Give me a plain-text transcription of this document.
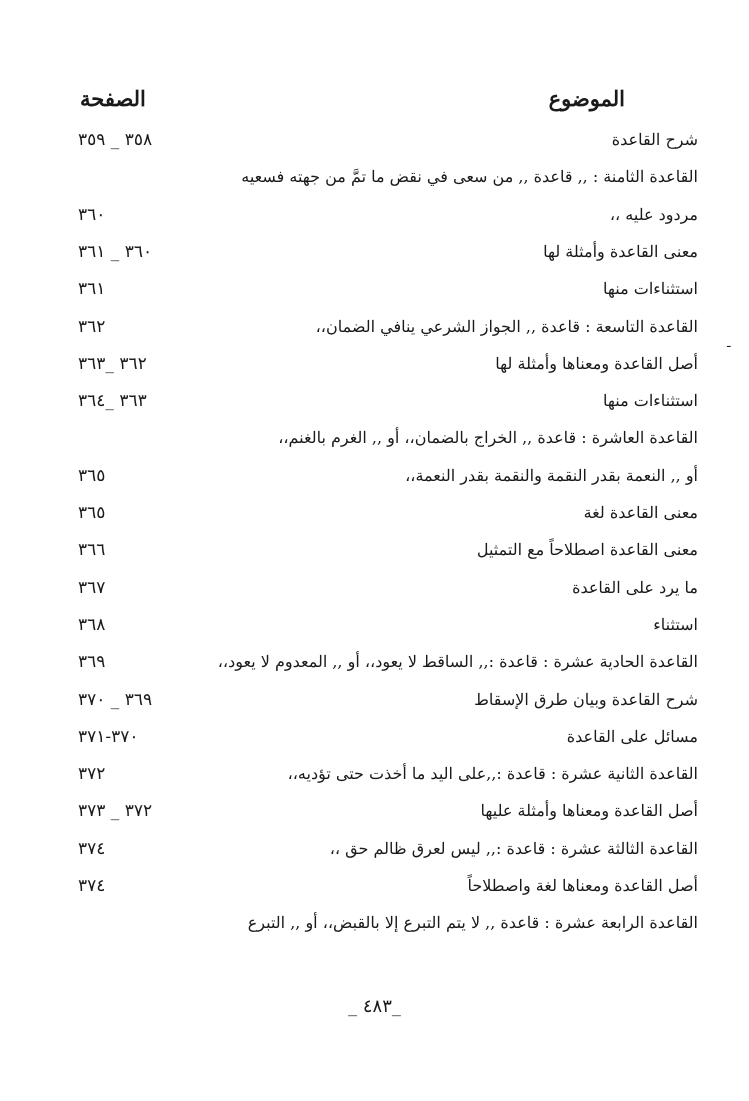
الموضوع
الصفحة
شرح القاعدة
٣٥٨ _ ٣٥٩
القاعدة الثامنة : ,, قاعدة ,, من سعى في نقض ما تمَّ من جهته فسعيه
مردود عليه ،،
٣٦٠
معنى القاعدة وأمثلة لها
٣٦٠ _ ٣٦١
استثناءات منها
٣٦١
القاعدة التاسعة : قاعدة ,, الجواز الشرعي ينافي الضمان،،
٣٦٢
أصل القاعدة ومعناها وأمثلة لها
٣٦٢ _٣٦٣
استثناءات منها
٣٦٣ _٣٦٤
القاعدة العاشرة : قاعدة ,, الخراج بالضمان،، أو ,, الغرم بالغنم،،
أو ,, النعمة بقدر النقمة والنقمة بقدر النعمة،،
٣٦٥
معنى القاعدة لغة
٣٦٥
معنى القاعدة اصطلاحاً مع التمثيل
٣٦٦
ما يرد على القاعدة
٣٦٧
استثناء
٣٦٨
القاعدة الحادية عشرة : قاعدة :,, الساقط لا يعود،، أو ,, المعدوم لا يعود،،
٣٦٩
شرح القاعدة وبيان طرق الإسقاط
٣٦٩ _ ٣٧٠
مسائل على القاعدة
٣٧٠-٣٧١
القاعدة الثانية عشرة : قاعدة :,,على اليد ما أخذت حتى تؤديه،،
٣٧٢
أصل القاعدة ومعناها وأمثلة عليها
٣٧٢ _ ٣٧٣
القاعدة الثالثة عشرة : قاعدة :,, ليس لعرق ظالم حق ،،
٣٧٤
أصل القاعدة ومعناها لغة واصطلاحاً
٣٧٤
القاعدة الرابعة عشرة : قاعدة ,, لا يتم التبرع إلا بالقبض،، أو ,, التبرع
ـ
_٤٨٣ _
